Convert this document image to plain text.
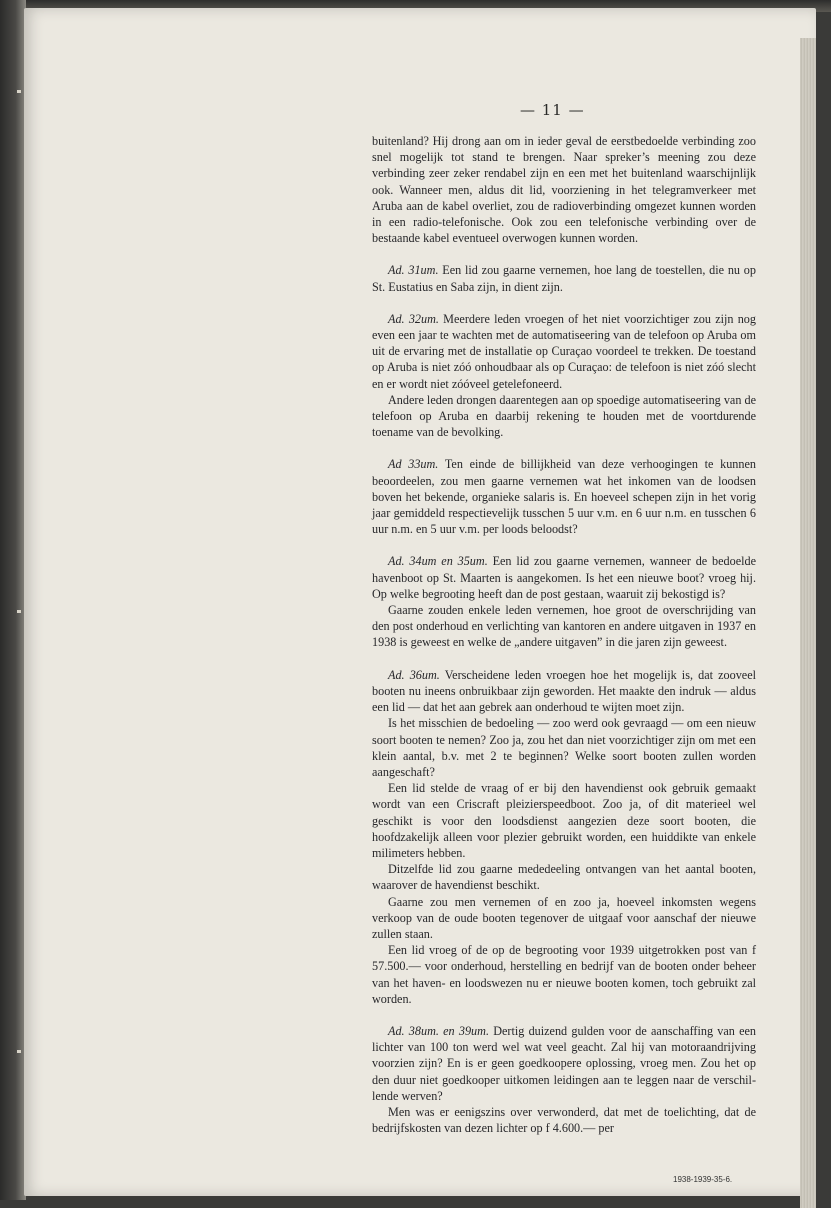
— 11 —

buitenland? Hij drong aan om in ieder geval de eerstbedoelde verbinding zoo snel mogelijk tot stand te brengen. Naar spreker’s meening zou deze verbinding zeer zeker rendabel zijn en een met het buitenland waarschijnlijk ook. Wanneer men, aldus dit lid, voorziening in het telegramverkeer met Aruba aan de kabel overliet, zou de radioverbinding omgezet kunnen worden in een radio-telefonische. Ook zou een telefonische verbinding over de bestaande kabel eventueel overwogen kunnen worden.

Ad. 31um. Een lid zou gaarne vernemen, hoe lang de toestellen, die nu op St. Eustatius en Saba zijn, in dient zijn.

Ad. 32um. Meerdere leden vroegen of het niet voorzichtiger zou zijn nog even een jaar te wachten met de automatiseering van de telefoon op Aruba om uit de ervaring met de installatie op Curaçao voordeel te trekken. De toestand op Aruba is niet zóó onhoudbaar als op Curaçao: de telefoon is niet zóó slecht en er wordt niet zóóveel getelefoneerd.

Andere leden drongen daarentegen aan op spoedige automatiseering van de telefoon op Aruba en daarbij rekening te houden met de voortdurende toename van de bevolking.

Ad 33um. Ten einde de billijkheid van deze verhoogingen te kunnen beoordeelen, zou men gaarne vernemen wat het inkomen van de loodsen boven het bekende, organieke salaris is. En hoeveel schepen zijn in het vorig jaar gemiddeld respectievelijk tusschen 5 uur v.m. en 6 uur n.m. en tusschen 6 uur n.m. en 5 uur v.m. per loods beloodst?

Ad. 34um en 35um. Een lid zou gaarne vernemen, wanneer de bedoelde havenboot op St. Maarten is aangekomen. Is het een nieuwe boot? vroeg hij. Op welke begrooting heeft dan de post gestaan, waaruit zij bekostigd is?

Gaarne zouden enkele leden vernemen, hoe groot de overschrijding van den post onderhoud en verlichting van kantoren en andere uitgaven in 1937 en 1938 is geweest en welke de „andere uitgaven” in die jaren zijn geweest.

Ad. 36um. Verscheidene leden vroegen hoe het mogelijk is, dat zooveel booten nu ineens onbruikbaar zijn geworden. Het maakte den indruk — aldus een lid — dat het aan gebrek aan onderhoud te wijten moet zijn.

Is het misschien de bedoeling — zoo werd ook gevraagd — om een nieuw soort booten te nemen? Zoo ja, zou het dan niet voorzichtiger zijn om met een klein aantal, b.v. met 2 te beginnen? Welke soort booten zullen worden aangeschaft?

Een lid stelde de vraag of er bij den havendienst ook gebruik gemaakt wordt van een Criscraft pleizierspeedboot. Zoo ja, of dit materieel wel geschikt is voor den loodsdienst aangezien deze soort booten, die hoofdzakelijk alleen voor plezier gebruikt worden, een huiddikte van enkele milimeters hebben.

Ditzelfde lid zou gaarne mededeeling ontvangen van het aantal booten, waarover de havendienst beschikt.

Gaarne zou men vernemen of en zoo ja, hoeveel inkomsten wegens verkoop van de oude booten tegenover de uitgaaf voor aanschaf der nieuwe zullen staan.

Een lid vroeg of de op de begrooting voor 1939 uitgetrokken post van f 57.500.— voor onderhoud, herstelling en bedrijf van de booten onder beheer van het haven- en loodswezen nu er nieuwe booten komen, toch gebruikt zal worden.

Ad. 38um. en 39um. Dertig duizend gulden voor de aanschaffing van een lichter van 100 ton werd wel wat veel geacht. Zal hij van motoraandrijving voorzien zijn? En is er geen goedkoopere oplossing, vroeg men. Zou het op den duur niet goedkooper uitkomen leidingen aan te leggen naar de verschillende werven?

Men was er eenigszins over verwonderd, dat met de toelichting, dat de bedrijfskosten van dezen lichter op f 4.600.— per

1938-1939-35-6.
